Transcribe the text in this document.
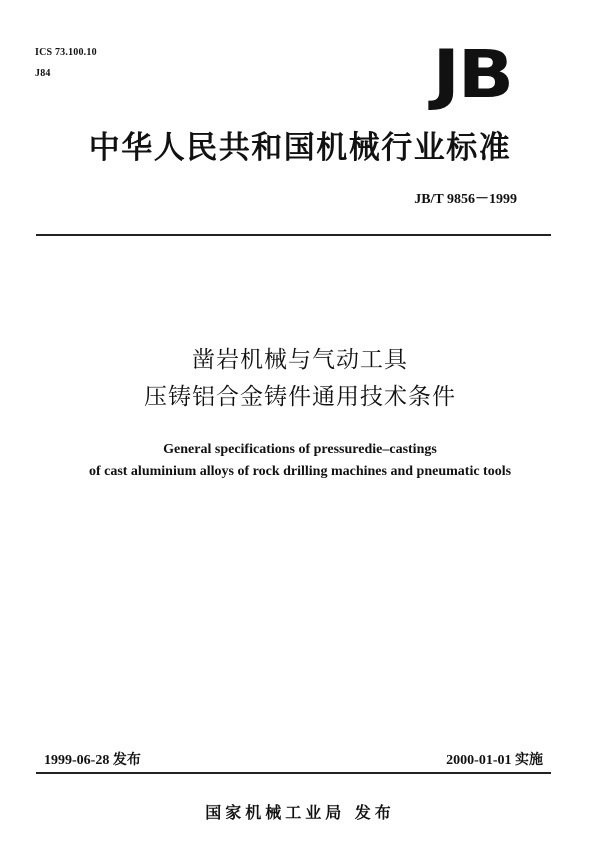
ICS 73.100.10
J84	JB
中华人民共和国机械行业标准
JB/T 9856－1999
凿岩机械与气动工具
压铸铝合金铸件通用技术条件
General specifications of pressuredie–castings
of cast aluminium alloys of rock drilling machines and pneumatic tools
1999-06-28 发布	2000-01-01 实施
国家机械工业局 发布
